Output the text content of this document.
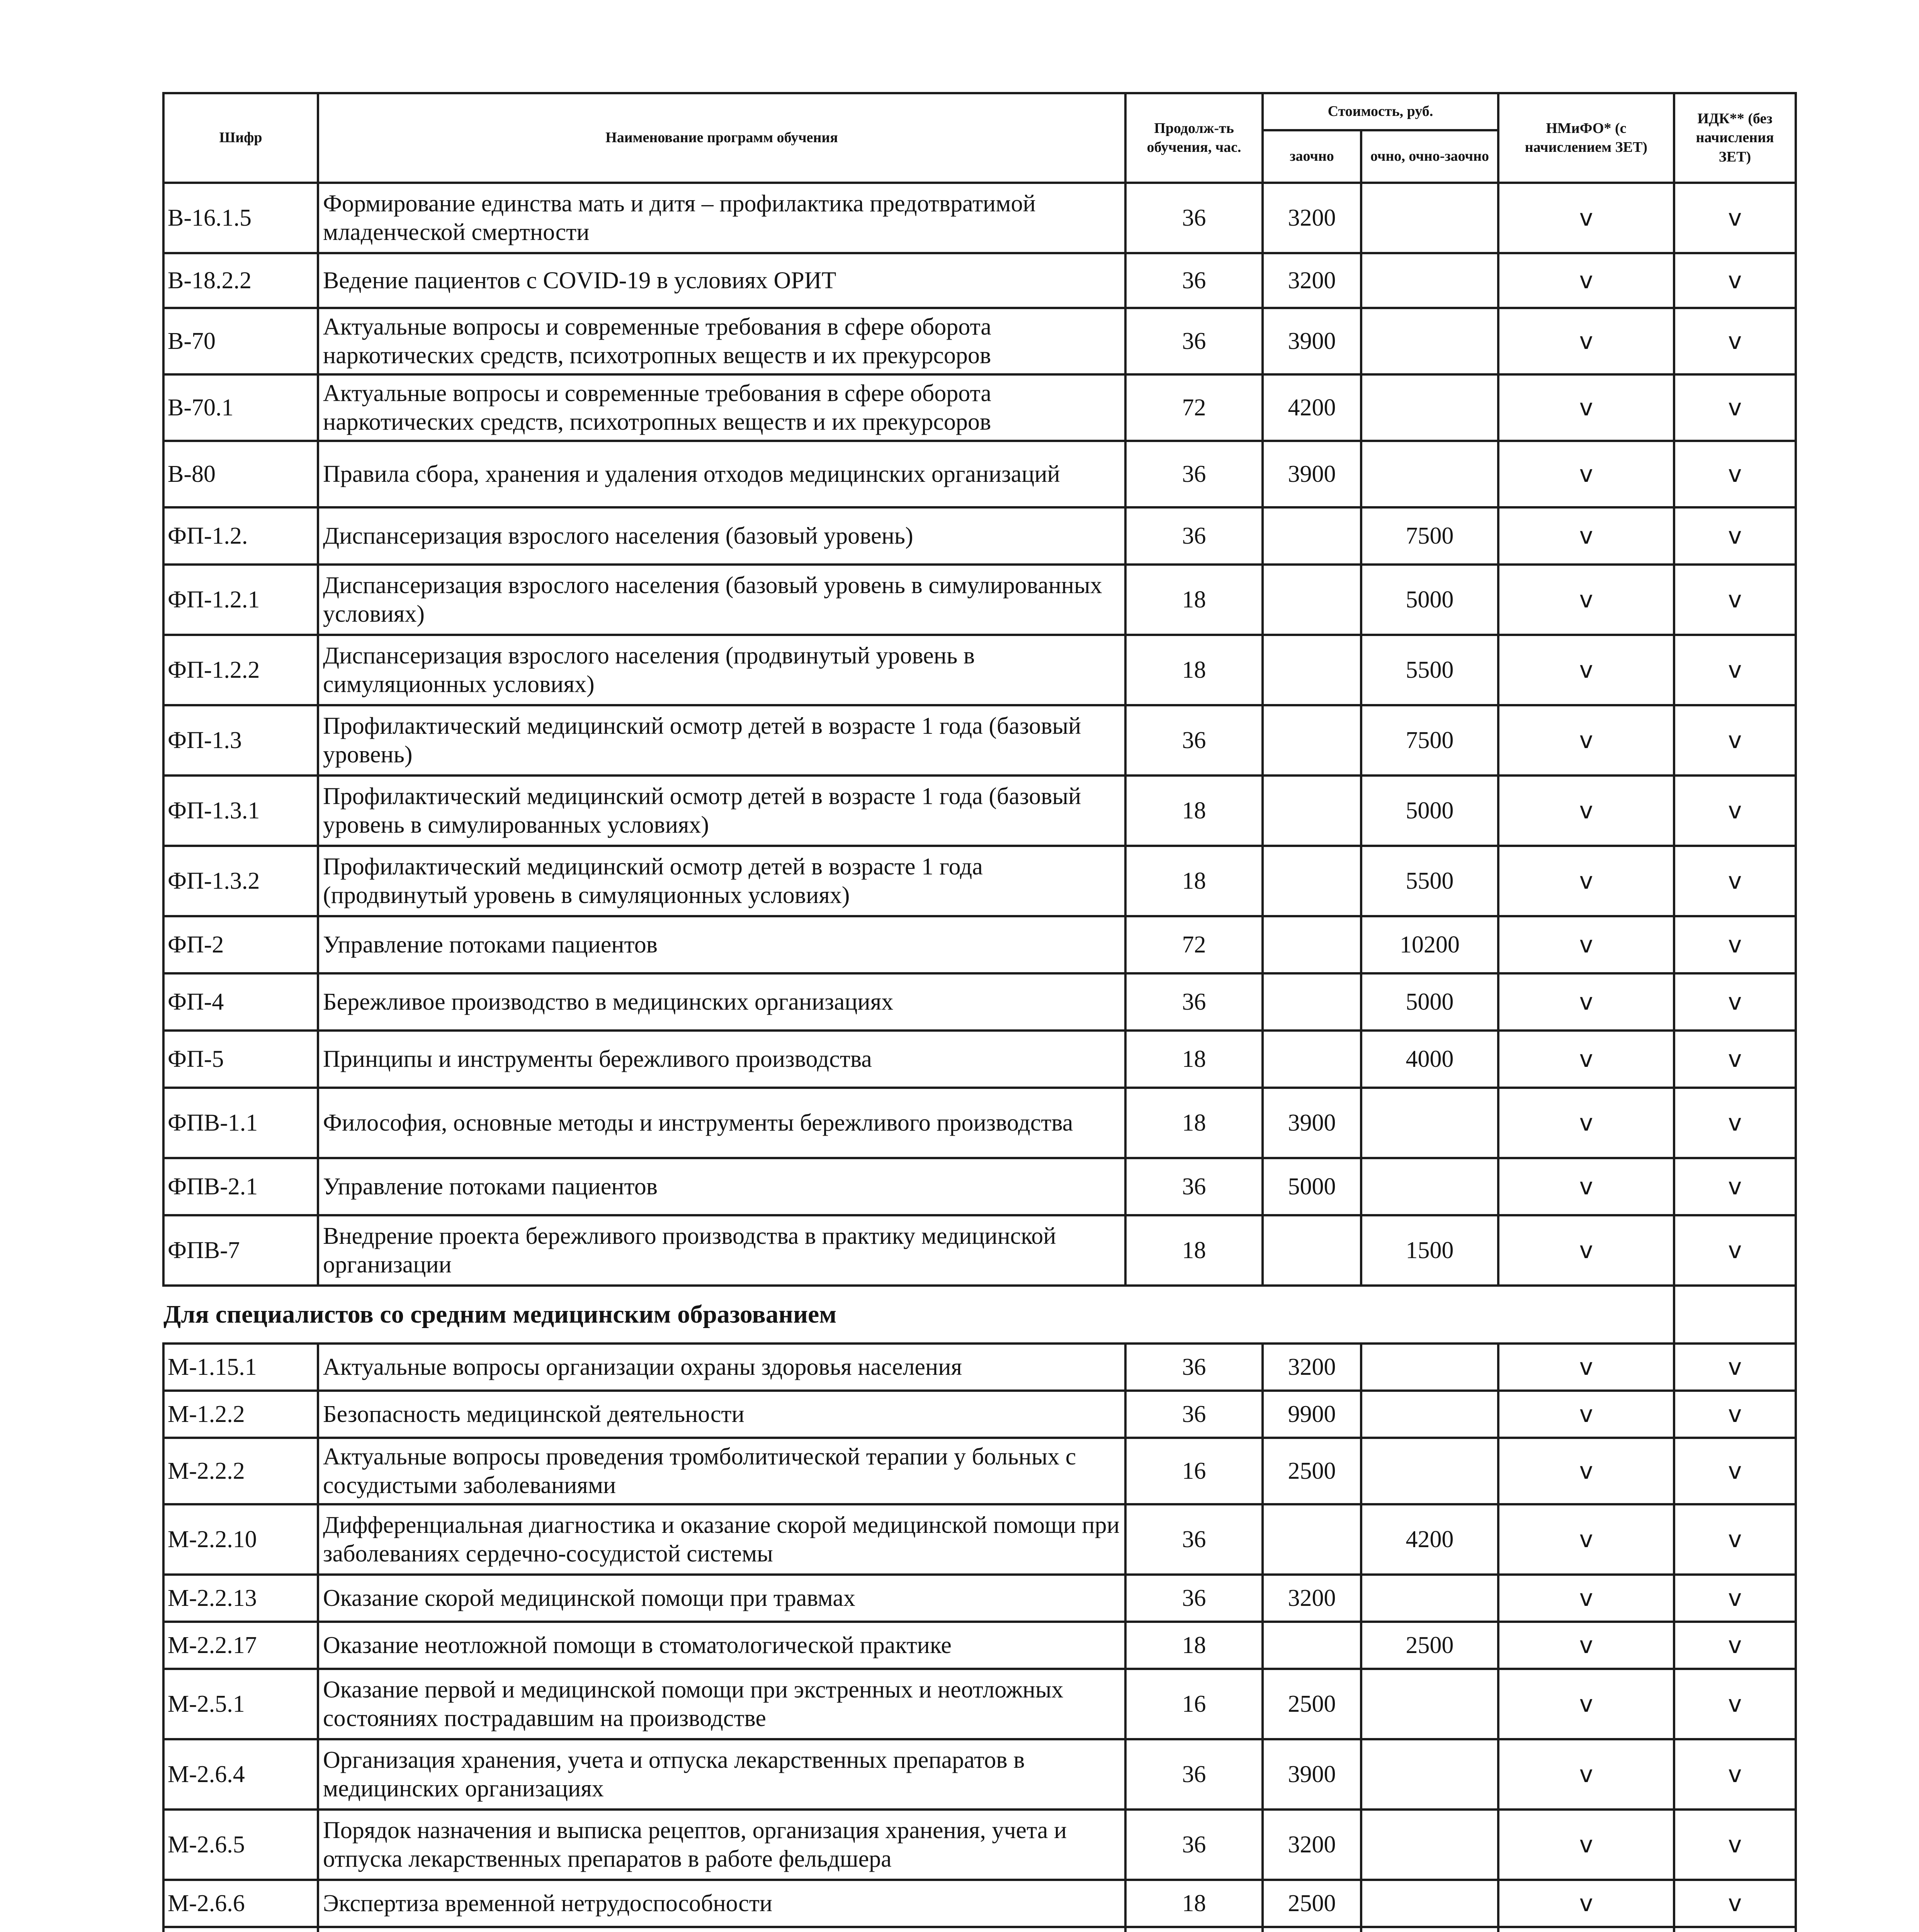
Шифр	Наименование программ обучения	Продолж-ть обучения, час.	Стоимость, руб.		НМиФО* (с начислением ЗЕТ)	ИДК** (без начисления ЗЕТ)
			заочно	очно, очно-заочно		
В-16.1.5	Формирование единства мать и дитя – профилактика предотвратимой младенческой смертности	36	3200		v	v
В-18.2.2	Ведение пациентов с COVID-19 в условиях ОРИТ	36	3200		v	v
В-70	Актуальные вопросы и современные требования в сфере оборота наркотических средств, психотропных веществ и их прекурсоров	36	3900		v	v
В-70.1	Актуальные вопросы и современные требования в сфере оборота наркотических средств, психотропных веществ и их прекурсоров	72	4200		v	v
В-80	Правила сбора, хранения и удаления отходов медицинских организаций	36	3900		v	v
ФП-1.2.	Диспансеризация взрослого населения (базовый уровень)	36		7500	v	v
ФП-1.2.1	Диспансеризация взрослого населения (базовый уровень в симулированных условиях)	18		5000	v	v
ФП-1.2.2	Диспансеризация взрослого населения (продвинутый уровень в симуляционных условиях)	18		5500	v	v
ФП-1.3	Профилактический медицинский осмотр детей в возрасте 1 года (базовый уровень)	36		7500	v	v
ФП-1.3.1	Профилактический медицинский осмотр детей в возрасте 1 года (базовый уровень в симулированных условиях)	18		5000	v	v
ФП-1.3.2	Профилактический медицинский осмотр детей в возрасте 1 года (продвинутый уровень в симуляционных условиях)	18		5500	v	v
ФП-2	Управление потоками пациентов	72		10200	v	v
ФП-4	Бережливое производство в медицинских организациях	36		5000	v	v
ФП-5	Принципы и инструменты бережливого производства	18		4000	v	v
ФПВ-1.1	Философия, основные методы и инструменты бережливого производства	18	3900		v	v
ФПВ-2.1	Управление потоками пациентов	36	5000		v	v
ФПВ-7	Внедрение проекта бережливого производства в практику медицинской организации	18		1500	v	v
Для специалистов со средним медицинским образованием						
М-1.15.1	Актуальные вопросы организации охраны здоровья населения	36	3200		v	v
М-1.2.2	Безопасность медицинской деятельности	36	9900		v	v
М-2.2.2	Актуальные вопросы проведения тромболитической терапии у больных с сосудистыми заболеваниями	16	2500		v	v
М-2.2.10	Дифференциальная диагностика и оказание скорой медицинской помощи при заболеваниях сердечно-сосудистой системы	36		4200	v	v
М-2.2.13	Оказание скорой медицинской помощи при травмах	36	3200		v	v
М-2.2.17	Оказание неотложной помощи в стоматологической практике	18		2500	v	v
М-2.5.1	Оказание первой и медицинской помощи при экстренных и неотложных состояниях пострадавшим на производстве	16	2500		v	v
М-2.6.4	Организация хранения, учета и отпуска лекарственных препаратов в медицинских организациях	36	3900		v	v
М-2.6.5	Порядок назначения и выписка рецептов, организация хранения, учета и отпуска лекарственных препаратов в работе фельдшера	36	3200		v	v
М-2.6.6	Экспертиза временной нетрудоспособности	18	2500		v	v
